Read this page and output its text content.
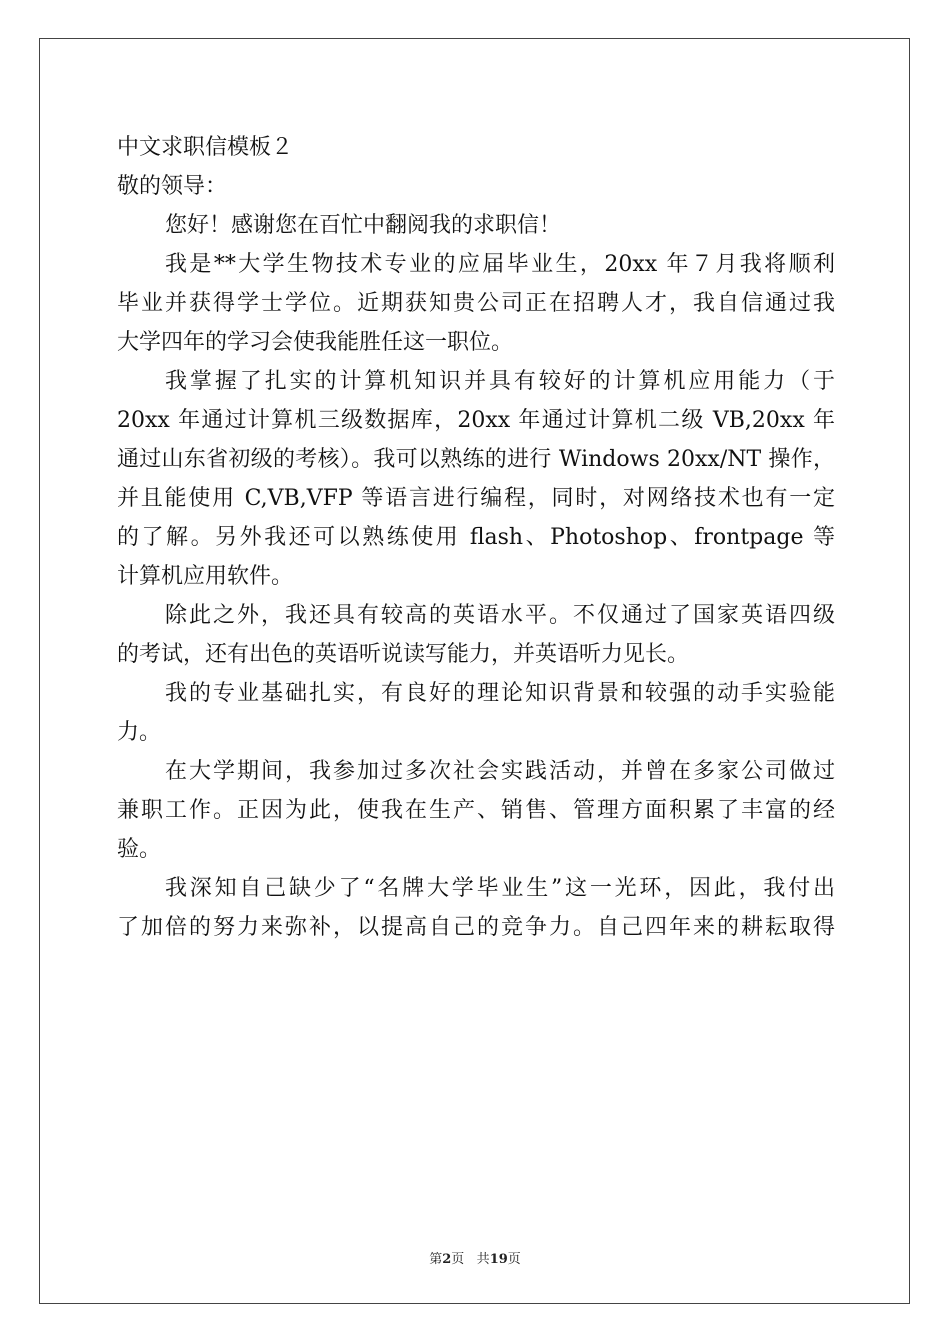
中文求职信模板２
敬的领导：
您好！感谢您在百忙中翻阅我的求职信！
我是**大学生物技术专业的应届毕业生，20xx 年７月我将顺利
毕业并获得学士学位。近期获知贵公司正在招聘人才，我自信通过我
大学四年的学习会使我能胜任这一职位。
我掌握了扎实的计算机知识并具有较好的计算机应用能力（于
20xx 年通过计算机三级数据库，20xx 年通过计算机二级 VB,20xx 年
通过山东省初级的考核）。我可以熟练的进行 Windows 20xx/NT 操作，
并且能使用 C,VB,VFP 等语言进行编程，同时，对网络技术也有一定
的了解。另外我还可以熟练使用 flash、Photoshop、frontpage 等
计算机应用软件。
除此之外，我还具有较高的英语水平。不仅通过了国家英语四级
的考试，还有出色的英语听说读写能力，并英语听力见长。
我的专业基础扎实，有良好的理论知识背景和较强的动手实验能
力。
在大学期间，我参加过多次社会实践活动，并曾在多家公司做过
兼职工作。正因为此，使我在生产、销售、管理方面积累了丰富的经
验。
我深知自己缺少了“名牌大学毕业生”这一光环，因此，我付出
了加倍的努力来弥补，以提高自己的竞争力。自己四年来的耕耘取得
第2页 共19页
